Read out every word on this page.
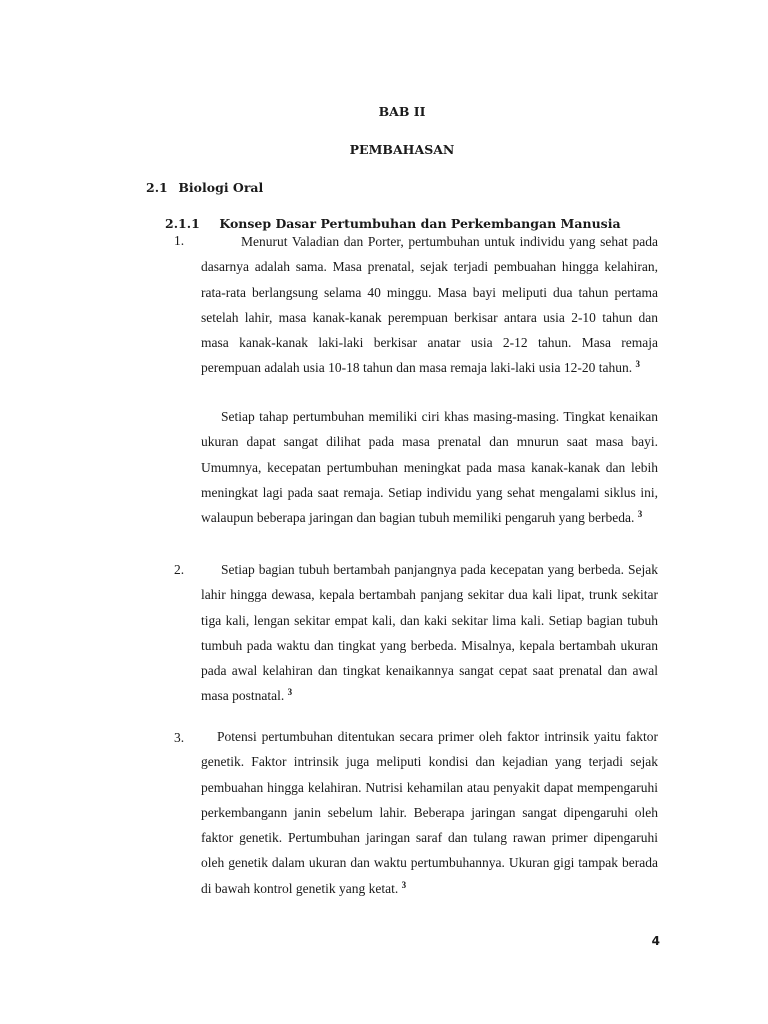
BAB II
PEMBAHASAN
2.1 Biologi Oral
2.1.1 Konsep Dasar Pertumbuhan dan Perkembangan Manusia
1.	Menurut Valadian dan Porter, pertumbuhan untuk individu yang sehat pada dasarnya adalah sama. Masa prenatal, sejak terjadi pembuahan hingga kelahiran, rata-rata berlangsung selama 40 minggu. Masa bayi meliputi dua tahun pertama setelah lahir, masa kanak-kanak perempuan berkisar antara usia 2-10 tahun dan masa kanak-kanak laki-laki berkisar anatar usia 2-12 tahun. Masa remaja perempuan adalah usia 10-18 tahun dan masa remaja laki-laki usia 12-20 tahun. $^3$
Setiap tahap pertumbuhan memiliki ciri khas masing-masing. Tingkat kenaikan ukuran dapat sangat dilihat pada masa prenatal dan mnurun saat masa bayi. Umumnya, kecepatan pertumbuhan meningkat pada masa kanak-kanak dan lebih meningkat lagi pada saat remaja. Setiap individu yang sehat mengalami siklus ini, walaupun beberapa jaringan dan bagian tubuh memiliki pengaruh yang berbeda. $^3$
2.	Setiap bagian tubuh bertambah panjangnya pada kecepatan yang berbeda. Sejak lahir hingga dewasa, kepala bertambah panjang sekitar dua kali lipat, trunk sekitar tiga kali, lengan sekitar empat kali, dan kaki sekitar lima kali. Setiap bagian tubuh tumbuh pada waktu dan tingkat yang berbeda. Misalnya, kepala bertambah ukuran pada awal kelahiran dan tingkat kenaikannya sangat cepat saat prenatal dan awal masa postnatal. $^3$
3.	Potensi pertumbuhan ditentukan secara primer oleh faktor intrinsik yaitu faktor genetik. Faktor intrinsik juga meliputi kondisi dan kejadian yang terjadi sejak pembuahan hingga kelahiran. Nutrisi kehamilan atau penyakit dapat mempengaruhi perkembangann janin sebelum lahir. Beberapa jaringan sangat dipengaruhi oleh faktor genetik. Pertumbuhan jaringan saraf dan tulang rawan primer dipengaruhi oleh genetik dalam ukuran dan waktu pertumbuhannya. Ukuran gigi tampak berada di bawah kontrol genetik yang ketat. $^3$
4
